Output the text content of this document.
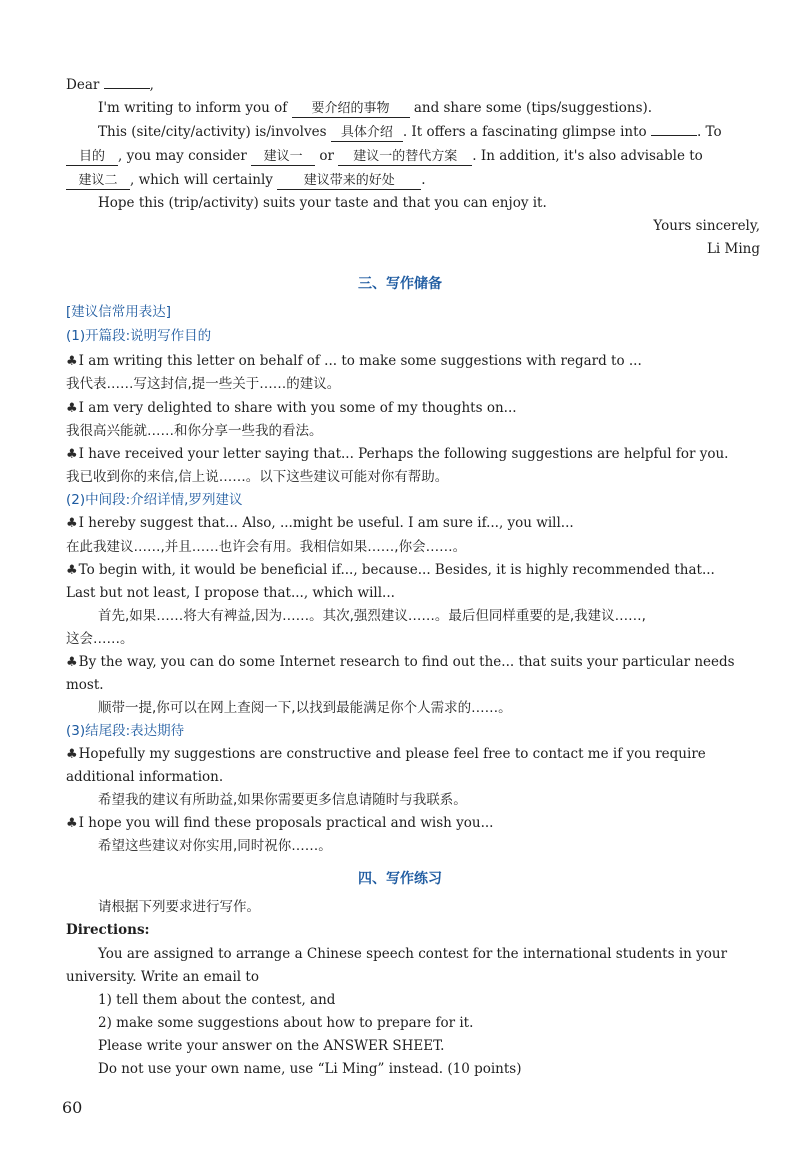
Dear	,
I'm writing to inform you of 要介绍的事物 and share some (tips/suggestions).
This (site/city/activity) is/involves 具体介绍 . It offers a fascinating glimpse into	. To
目的 , you may consider 建议一 or 建议一的替代方案 . In addition, it's also advisable to
建议二 , which will certainly 建议带来的好处 .
Hope this (trip/activity) suits your taste and that you can enjoy it.
Yours sincerely,
Li Ming
三、写作储备
[建议信常用表达]
(1)开篇段:说明写作目的
♣I am writing this letter on behalf of ... to make some suggestions with regard to ...
我代表……写这封信,提一些关于……的建议。
♣I am very delighted to share with you some of my thoughts on...
我很高兴能就……和你分享一些我的看法。
♣I have received your letter saying that... Perhaps the following suggestions are helpful for you.
我已收到你的来信,信上说……。以下这些建议可能对你有帮助。
(2)中间段:介绍详情,罗列建议
♣I hereby suggest that... Also, ...might be useful. I am sure if..., you will...
在此我建议……,并且……也许会有用。我相信如果……,你会……。
♣To begin with, it would be beneficial if..., because... Besides, it is highly recommended that...
Last but not least, I propose that..., which will...
首先,如果……将大有裨益,因为……。其次,强烈建议……。最后但同样重要的是,我建议……,
这会……。
♣By the way, you can do some Internet research to find out the... that suits your particular needs
most.
顺带一提,你可以在网上查阅一下,以找到最能满足你个人需求的……。
(3)结尾段:表达期待
♣Hopefully my suggestions are constructive and please feel free to contact me if you require
additional information.
希望我的建议有所助益,如果你需要更多信息请随时与我联系。
♣I hope you will find these proposals practical and wish you...
希望这些建议对你实用,同时祝你……。
四、写作练习
请根据下列要求进行写作。
Directions:
You are assigned to arrange a Chinese speech contest for the international students in your
university. Write an email to
1) tell them about the contest, and
2) make some suggestions about how to prepare for it.
Please write your answer on the ANSWER SHEET.
Do not use your own name, use “Li Ming” instead. (10 points)
60
